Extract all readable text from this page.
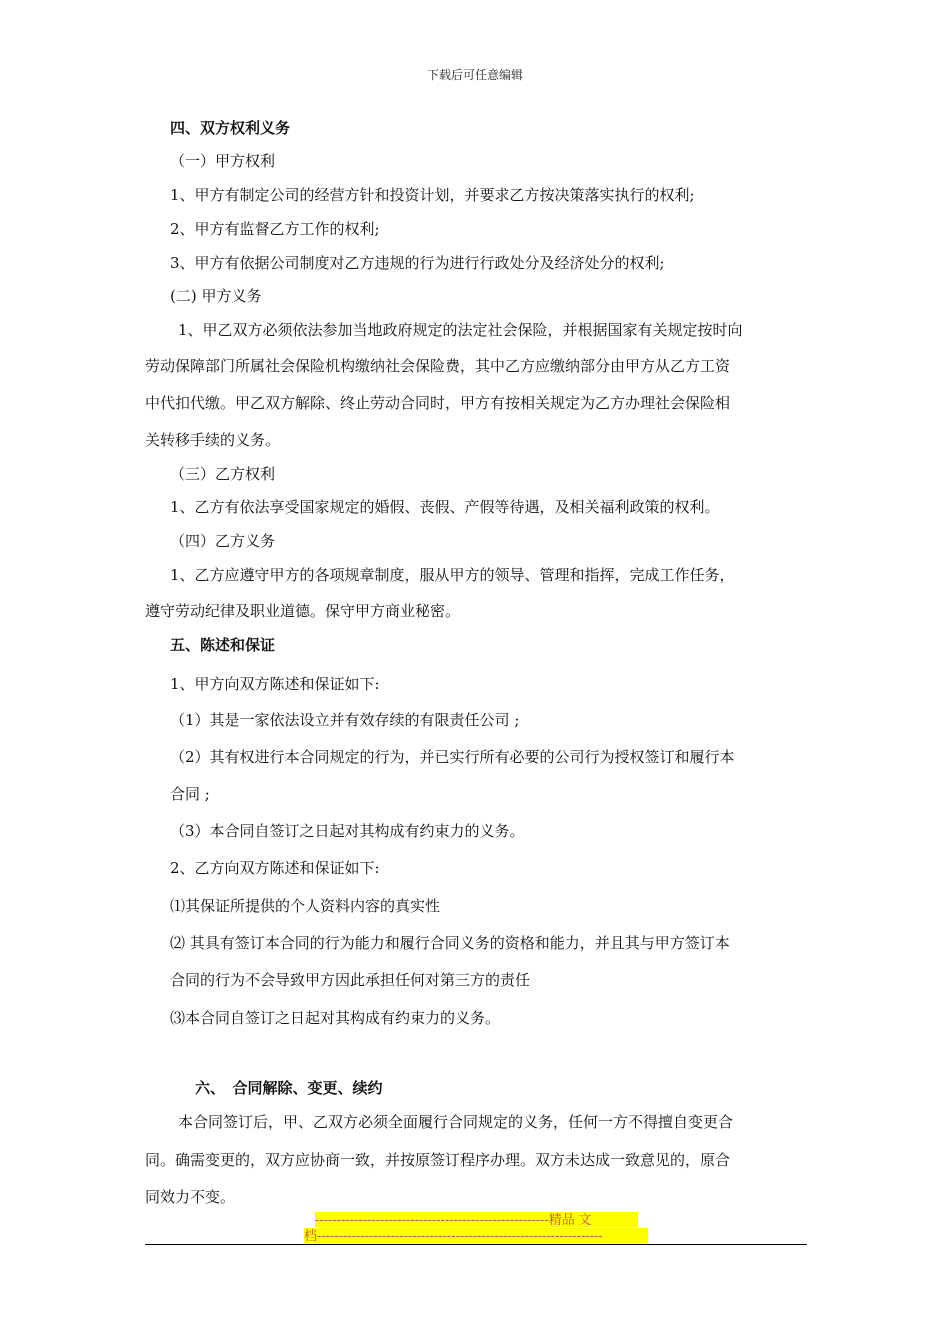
下载后可任意编辑
四、双方权利义务
（一）甲方权利
1、甲方有制定公司的经营方针和投资计划，并要求乙方按决策落实执行的权利;
2、甲方有监督乙方工作的权利;
3、甲方有依据公司制度对乙方违规的行为进行行政处分及经济处分的权利;
(二) 甲方义务
1、甲乙双方必须依法参加当地政府规定的法定社会保险，并根据国家有关规定按时向
劳动保障部门所属社会保险机构缴纳社会保险费，其中乙方应缴纳部分由甲方从乙方工资
中代扣代缴。甲乙双方解除、终止劳动合同时，甲方有按相关规定为乙方办理社会保险相
关转移手续的义务。
（三）乙方权利
1、乙方有依法享受国家规定的婚假、丧假、产假等待遇，及相关福利政策的权利。
（四）乙方义务
1、乙方应遵守甲方的各项规章制度，服从甲方的领导、管理和指挥，完成工作任务，
遵守劳动纪律及职业道德。保守甲方商业秘密。
五、陈述和保证
1、甲方向双方陈述和保证如下:
（1）其是一家依法设立并有效存续的有限责任公司 ;
（2）其有权进行本合同规定的行为，并已实行所有必要的公司行为授权签订和履行本
合同 ;
（3）本合同自签订之日起对其构成有约束力的义务。
2、乙方向双方陈述和保证如下:
⑴其保证所提供的个人资料内容的真实性
⑵ 其具有签订本合同的行为能力和履行合同义务的资格和能力，并且其与甲方签订本
合同的行为不会导致甲方因此承担任何对第三方的责任
⑶本合同自签订之日起对其构成有约束力的义务。
六、　合同解除、变更、续约
本合同签订后，甲、乙双方必须全面履行合同规定的义务，任何一方不得擅自变更合
同。确需变更的，双方应协商一致，并按原签订程序办理。双方未达成一致意见的，原合
同效力不变。
------------------------------------------------------精品 文
档------------------------------------------------------------------
